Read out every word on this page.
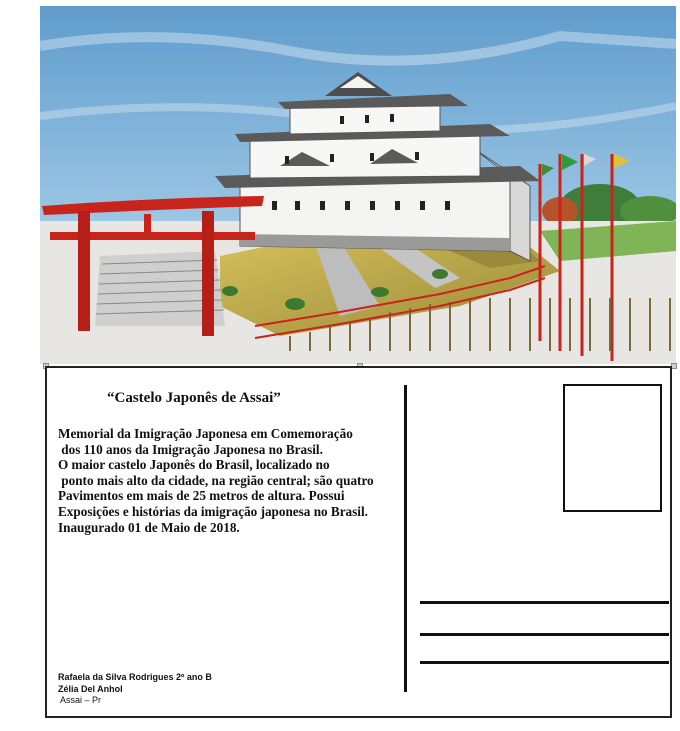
“Castelo Japonês de Assai”
Memorial da Imigração Japonesa em Comemoração
dos 110 anos da Imigração Japonesa no Brasil.
O maior castelo Japonês do Brasil, localizado no
ponto mais alto da cidade, na região central; são quatro
Pavimentos em mais de 25 metros de altura. Possui
Exposições e histórias da imigração japonesa no Brasil.
Inaugurado 01 de Maio de 2018.
Rafaela da Silva Rodrigues 2º ano B
Zélia Del Anhol
Assai – Pr
